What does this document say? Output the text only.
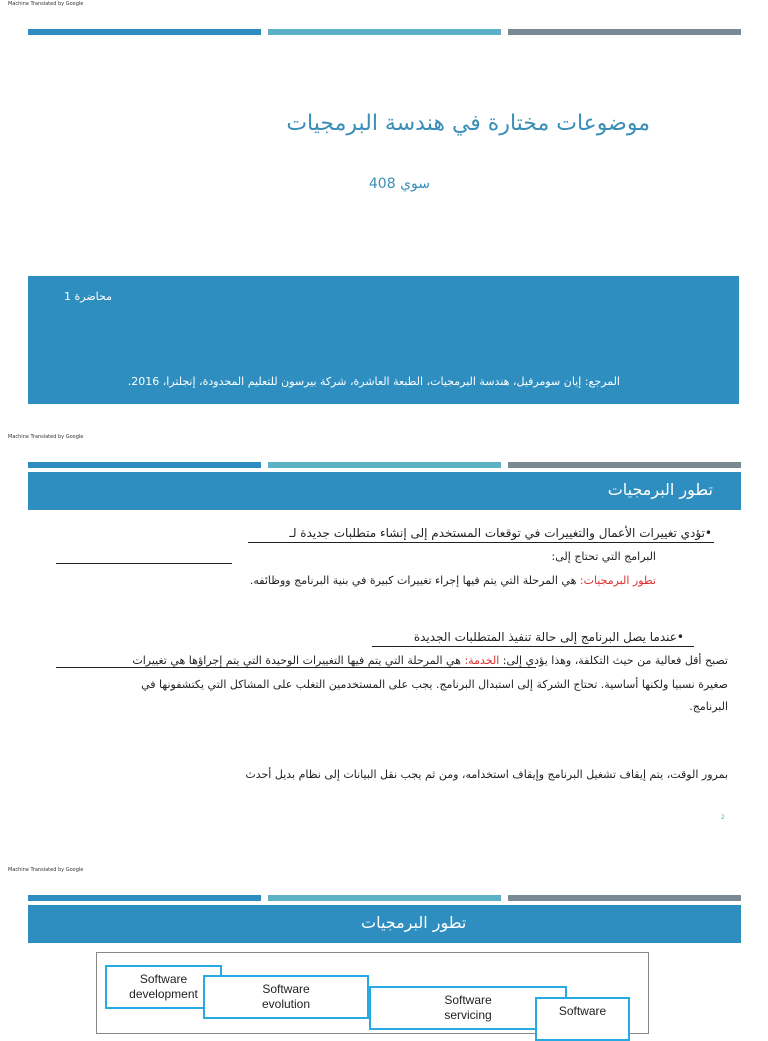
Machine Translated by Google
موضوعات مختارة في هندسة البرمجيات
سوي 408
محاضرة 1
المرجع: إيان سومرفيل، هندسة البرمجيات، الطبعة العاشرة، شركة بيرسون للتعليم المحدودة، إنجلترا، 2016.
Machine Translated by Google
تطور البرمجيات
•تؤدي تغييرات الأعمال والتغييرات في توقعات المستخدم إلى إنشاء متطلبات جديدة لـ
البرامج التي تحتاج إلى:
تطور البرمجيات: هي المرحلة التي يتم فيها إجراء تغييرات كبيرة في بنية البرنامج ووظائفه.
•عندما يصل البرنامج إلى حالة تنفيذ المتطلبات الجديدة
تصبح أقل فعالية من حيث التكلفة، وهذا يؤدي إلى: الخدمة: هي المرحلة التي يتم فيها التغييرات الوحيدة التي يتم إجراؤها هي تغييرات
صغيرة نسبيا ولكنها أساسية. تحتاج الشركة إلى استبدال البرنامج. يجب على المستخدمين التغلب على المشاكل التي يكتشفونها في
البرنامج.
بمرور الوقت، يتم إيقاف تشغيل البرنامج وإيقاف استخدامه، ومن ثم يجب نقل البيانات إلى نظام بديل أحدث
2
Machine Translated by Google
تطور البرمجيات
Software
development	Software
evolution	Software
servicing	Software
